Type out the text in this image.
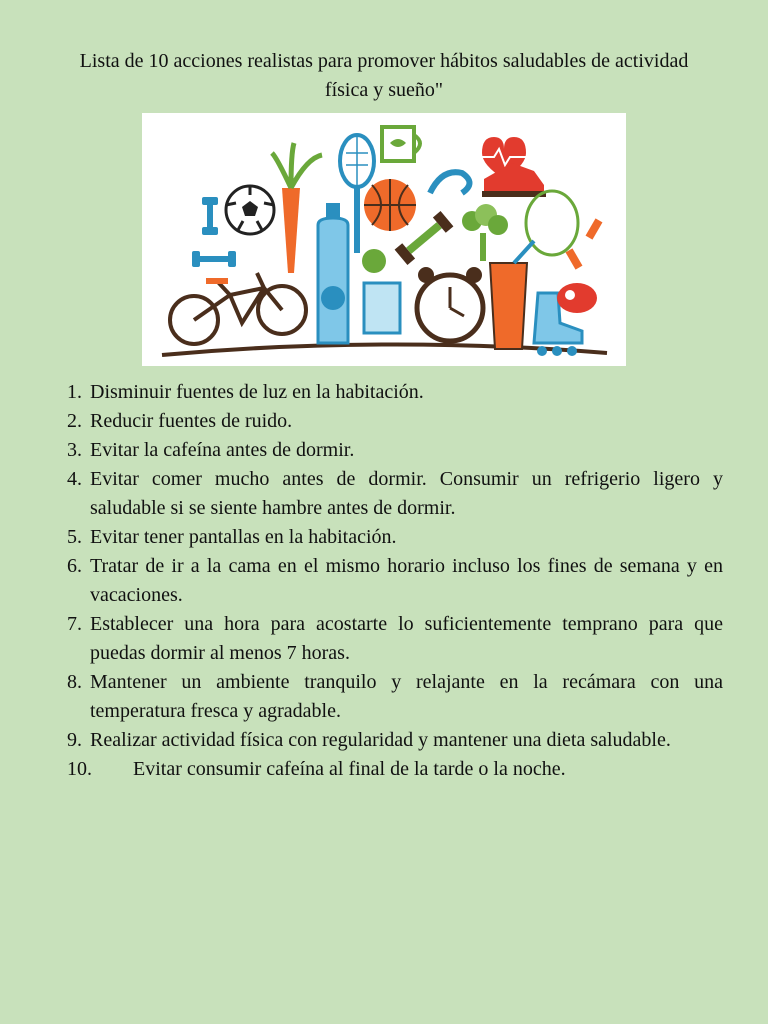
Lista de 10 acciones realistas para promover hábitos saludables de actividad física y sueño"
1. Disminuir fuentes de luz en la habitación.
2. Reducir fuentes de ruido.
3. Evitar la cafeína antes de dormir.
4. Evitar comer mucho antes de dormir. Consumir un refrigerio ligero y saludable si se siente hambre antes de dormir.
5. Evitar tener pantallas en la habitación.
6. Tratar de ir a la cama en el mismo horario incluso los fines de semana y en vacaciones.
7. Establecer una hora para acostarte lo suficientemente temprano para que puedas dormir al menos 7 horas.
8. Mantener un ambiente tranquilo y relajante en la recámara con una temperatura fresca y agradable.
9. Realizar actividad física con regularidad y mantener una dieta saludable.
10. Evitar consumir cafeína al final de la tarde o la noche.
